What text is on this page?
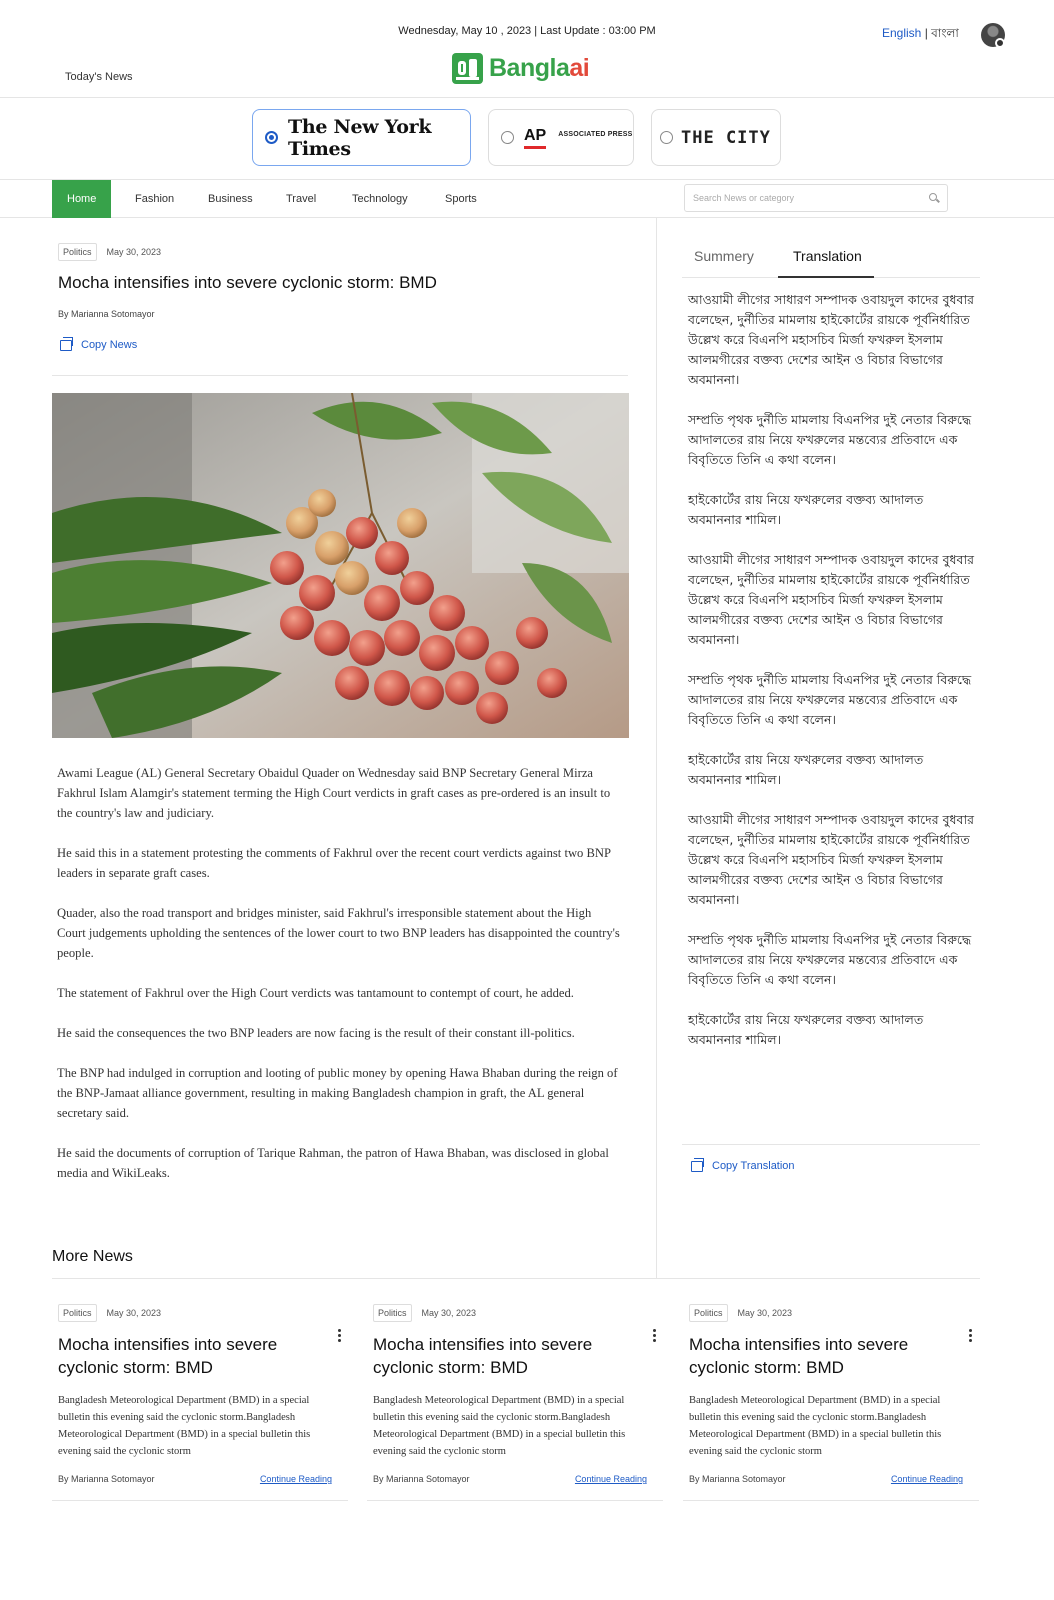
Wednesday, May 10 , 2023 | Last Update : 03:00 PM
Today's News	Banglaai
English | বাংলা
The New York Times
AP ASSOCIATED PRESS	THE CITY
Home	Fashion	Business	Travel	Technology	Sports
Search News or category
Politics May 30, 2023
Mocha intensifies into severe cyclonic storm: BMD
By Marianna Sotomayor
Copy News

Awami League (AL) General Secretary Obaidul Quader on Wednesday said BNP Secretary General Mirza Fakhrul Islam Alamgir's statement terming the High Court verdicts in graft cases as pre-ordered is an insult to the country's law and judiciary.

He said this in a statement protesting the comments of Fakhrul over the recent court verdicts against two BNP leaders in separate graft cases.

Quader, also the road transport and bridges minister, said Fakhrul's irresponsible statement about the High Court judgements upholding the sentences of the lower court to two BNP leaders has disappointed the country's people.

The statement of Fakhrul over the High Court verdicts was tantamount to contempt of court, he added.

He said the consequences the two BNP leaders are now facing is the result of their constant ill-politics.

The BNP had indulged in corruption and looting of public money by opening Hawa Bhaban during the reign of the BNP-Jamaat alliance government, resulting in making Bangladesh champion in graft, the AL general secretary said.

He said the documents of corruption of Tarique Rahman, the patron of Hawa Bhaban, was disclosed in global media and WikiLeaks.

More News
Summery	Translation

আওয়ামী লীগের সাধারণ সম্পাদক ওবায়দুল কাদের বুধবার বলেছেন, দুর্নীতির মামলায় হাইকোর্টের রায়কে পূর্বনির্ধারিত উল্লেখ করে বিএনপি মহাসচিব মির্জা ফখরুল ইসলাম আলমগীরের বক্তব্য দেশের আইন ও বিচার বিভাগের অবমাননা।

সম্প্রতি পৃথক দুর্নীতি মামলায় বিএনপির দুই নেতার বিরুদ্ধে আদালতের রায় নিয়ে ফখরুলের মন্তব্যের প্রতিবাদে এক বিবৃতিতে তিনি এ কথা বলেন।

হাইকোর্টের রায় নিয়ে ফখরুলের বক্তব্য আদালত অবমাননার শামিল।

আওয়ামী লীগের সাধারণ সম্পাদক ওবায়দুল কাদের বুধবার বলেছেন, দুর্নীতির মামলায় হাইকোর্টের রায়কে পূর্বনির্ধারিত উল্লেখ করে বিএনপি মহাসচিব মির্জা ফখরুল ইসলাম আলমগীরের বক্তব্য দেশের আইন ও বিচার বিভাগের অবমাননা।

সম্প্রতি পৃথক দুর্নীতি মামলায় বিএনপির দুই নেতার বিরুদ্ধে আদালতের রায় নিয়ে ফখরুলের মন্তব্যের প্রতিবাদে এক বিবৃতিতে তিনি এ কথা বলেন।

হাইকোর্টের রায় নিয়ে ফখরুলের বক্তব্য আদালত অবমাননার শামিল।

আওয়ামী লীগের সাধারণ সম্পাদক ওবায়দুল কাদের বুধবার বলেছেন, দুর্নীতির মামলায় হাইকোর্টের রায়কে পূর্বনির্ধারিত উল্লেখ করে বিএনপি মহাসচিব মির্জা ফখরুল ইসলাম আলমগীরের বক্তব্য দেশের আইন ও বিচার বিভাগের অবমাননা।

সম্প্রতি পৃথক দুর্নীতি মামলায় বিএনপির দুই নেতার বিরুদ্ধে আদালতের রায় নিয়ে ফখরুলের মন্তব্যের প্রতিবাদে এক বিবৃতিতে তিনি এ কথা বলেন।

হাইকোর্টের রায় নিয়ে ফখরুলের বক্তব্য আদালত অবমাননার শামিল।

Copy Translation
Politics May 30, 2023
Mocha intensifies into severe cyclonic storm: BMD
Bangladesh Meteorological Department (BMD) in a special bulletin this evening said the cyclonic storm.Bangladesh Meteorological Department (BMD) in a special bulletin this evening said the cyclonic storm
By Marianna Sotomayor	Continue Reading
Politics May 30, 2023
Mocha intensifies into severe cyclonic storm: BMD
Bangladesh Meteorological Department (BMD) in a special bulletin this evening said the cyclonic storm.Bangladesh Meteorological Department (BMD) in a special bulletin this evening said the cyclonic storm
By Marianna Sotomayor	Continue Reading
Politics May 30, 2023
Mocha intensifies into severe cyclonic storm: BMD
Bangladesh Meteorological Department (BMD) in a special bulletin this evening said the cyclonic storm.Bangladesh Meteorological Department (BMD) in a special bulletin this evening said the cyclonic storm
By Marianna Sotomayor	Continue Reading
